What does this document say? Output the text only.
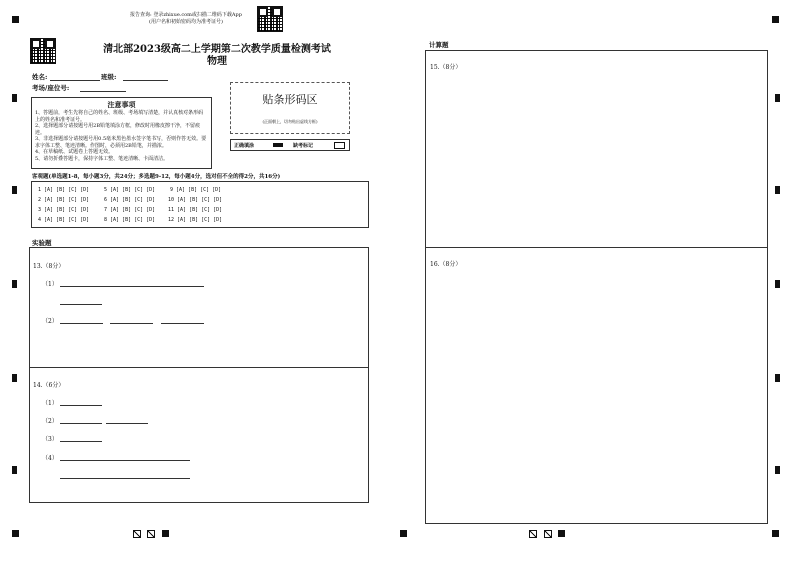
报告查询: 登录zhixue.com或扫描二维码下载App
(用户名和初始密码均为准考证号)
清北部2023级高二上学期第二次教学质量检测考试
物理
姓名:	班级:
考场/座位号:
注意事项
1、答题前，考生先将自己的姓名、班级、考场填写清楚，并认真核对条形码上的姓名和准考证号。
2、选择题部分请按题号用2B铅笔填涂方框，修改时用橡皮擦干净，不留痕迹。
3、非选择题部分请按题号用0.5毫米黑色墨水签字笔书写，否则作答无效。要求字体工整、笔迹清晰。作图时，必须用2B铅笔，并描浓。
4、在草稿纸、试题卷上答题无效。
5、请勿折叠答题卡，保持字体工整、笔迹清晰、卡面清洁。
贴条形码区
(正面朝上，切勿贴出虚线方框)
正确填涂	缺考标记
客观题(单选题1-8，每小题3分，共24分；多选题9-12，每小题4分，选对但不全的得2分，共16分)
1 [A] [B] [C] [D]	5 [A] [B] [C] [D]	9 [A] [B] [C] [D]
2 [A] [B] [C] [D]	6 [A] [B] [C] [D]	10 [A] [B] [C] [D]
3 [A] [B] [C] [D]	7 [A] [B] [C] [D]	11 [A] [B] [C] [D]
4 [A] [B] [C] [D]	8 [A] [B] [C] [D]	12 [A] [B] [C] [D]
实验题
13.（8分）
（1）
（2）
14.（6分）
（1）
（2）
（3）
（4）
计算题
15.（8分）
16.（8分）
